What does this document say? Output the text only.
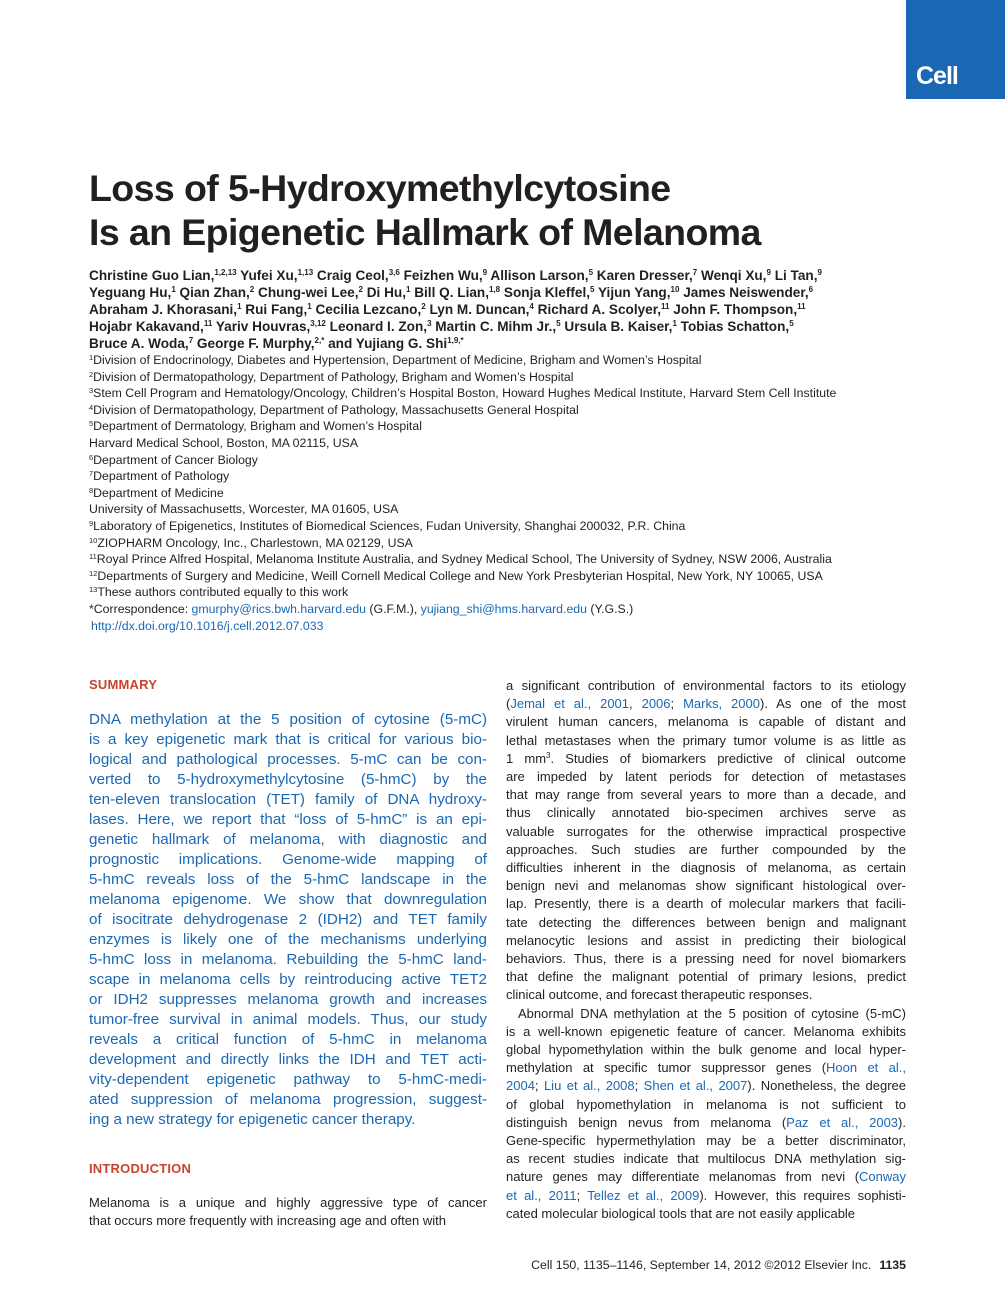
Cell
Loss of 5-Hydroxymethylcytosine
Is an Epigenetic Hallmark of Melanoma
Christine Guo Lian,$^{1,2,13}$ Yufei Xu,$^{1,13}$ Craig Ceol,$^{3,6}$ Feizhen Wu,$^9$ Allison Larson,$^5$ Karen Dresser,$^7$ Wenqi Xu,$^9$ Li Tan,$^9$
Yeguang Hu,$^1$ Qian Zhan,$^2$ Chung-wei Lee,$^2$ Di Hu,$^1$ Bill Q. Lian,$^{1,8}$ Sonja Kleffel,$^5$ Yijun Yang,$^{10}$ James Neiswender,$^6$
Abraham J. Khorasani,$^1$ Rui Fang,$^1$ Cecilia Lezcano,$^2$ Lyn M. Duncan,$^4$ Richard A. Scolyer,$^{11}$ John F. Thompson,$^{11}$
Hojabr Kakavand,$^{11}$ Yariv Houvras,$^{3,12}$ Leonard I. Zon,$^3$ Martin C. Mihm Jr.,$^5$ Ursula B. Kaiser,$^1$ Tobias Schatton,$^5$
Bruce A. Woda,$^7$ George F. Murphy,$^{2,*}$ and Yujiang G. Shi$^{1,9,*}$
$^1$Division of Endocrinology, Diabetes and Hypertension, Department of Medicine, Brigham and Women’s Hospital
$^2$Division of Dermatopathology, Department of Pathology, Brigham and Women’s Hospital
$^3$Stem Cell Program and Hematology/Oncology, Children’s Hospital Boston, Howard Hughes Medical Institute, Harvard Stem Cell Institute
$^4$Division of Dermatopathology, Department of Pathology, Massachusetts General Hospital
$^5$Department of Dermatology, Brigham and Women’s Hospital
Harvard Medical School, Boston, MA 02115, USA
$^6$Department of Cancer Biology
$^7$Department of Pathology
$^8$Department of Medicine
University of Massachusetts, Worcester, MA 01605, USA
$^9$Laboratory of Epigenetics, Institutes of Biomedical Sciences, Fudan University, Shanghai 200032, P.R. China
$^{10}$ZIOPHARM Oncology, Inc., Charlestown, MA 02129, USA
$^{11}$Royal Prince Alfred Hospital, Melanoma Institute Australia, and Sydney Medical School, The University of Sydney, NSW 2006, Australia
$^{12}$Departments of Surgery and Medicine, Weill Cornell Medical College and New York Presbyterian Hospital, New York, NY 10065, USA
$^{13}$These authors contributed equally to this work
*Correspondence: gmurphy@rics.bwh.harvard.edu (G.F.M.), yujiang_shi@hms.harvard.edu (Y.G.S.)
http://dx.doi.org/10.1016/j.cell.2012.07.033
SUMMARY
DNA methylation at the 5 position of cytosine (5-mC)
is a key epigenetic mark that is critical for various bio-
logical and pathological processes. 5-mC can be con-
verted to 5-hydroxymethylcytosine (5-hmC) by the
ten-eleven translocation (TET) family of DNA hydroxy-
lases. Here, we report that “loss of 5-hmC” is an epi-
genetic hallmark of melanoma, with diagnostic and
prognostic implications. Genome-wide mapping of
5-hmC reveals loss of the 5-hmC landscape in the
melanoma epigenome. We show that downregulation
of isocitrate dehydrogenase 2 (IDH2) and TET family
enzymes is likely one of the mechanisms underlying
5-hmC loss in melanoma. Rebuilding the 5-hmC land-
scape in melanoma cells by reintroducing active TET2
or IDH2 suppresses melanoma growth and increases
tumor-free survival in animal models. Thus, our study
reveals a critical function of 5-hmC in melanoma
development and directly links the IDH and TET acti-
vity-dependent epigenetic pathway to 5-hmC-medi-
ated suppression of melanoma progression, suggest-
ing a new strategy for epigenetic cancer therapy.
INTRODUCTION
Melanoma is a unique and highly aggressive type of cancer
that occurs more frequently with increasing age and often with
a significant contribution of environmental factors to its etiology
(Jemal et al., 2001, 2006; Marks, 2000). As one of the most
virulent human cancers, melanoma is capable of distant and
lethal metastases when the primary tumor volume is as little as
1 $mm^3$. Studies of biomarkers predictive of clinical outcome
are impeded by latent periods for detection of metastases
that may range from several years to more than a decade, and
thus clinically annotated bio-specimen archives serve as
valuable surrogates for the otherwise impractical prospective
approaches. Such studies are further compounded by the
difficulties inherent in the diagnosis of melanoma, as certain
benign nevi and melanomas show significant histological over-
lap. Presently, there is a dearth of molecular markers that facili-
tate detecting the differences between benign and malignant
melanocytic lesions and assist in predicting their biological
behaviors. Thus, there is a pressing need for novel biomarkers
that define the malignant potential of primary lesions, predict
clinical outcome, and forecast therapeutic responses.
Abnormal DNA methylation at the 5 position of cytosine (5-mC)
is a well-known epigenetic feature of cancer. Melanoma exhibits
global hypomethylation within the bulk genome and local hyper-
methylation at specific tumor suppressor genes (Hoon et al.,
2004; Liu et al., 2008; Shen et al., 2007). Nonetheless, the degree
of global hypomethylation in melanoma is not sufficient to
distinguish benign nevus from melanoma (Paz et al., 2003).
Gene-specific hypermethylation may be a better discriminator,
as recent studies indicate that multilocus DNA methylation sig-
nature genes may differentiate melanomas from nevi (Conway
et al., 2011; Tellez et al., 2009). However, this requires sophisti-
cated molecular biological tools that are not easily applicable
Cell 150, 1135–1146, September 14, 2012 ©2012 Elsevier Inc. 1135
